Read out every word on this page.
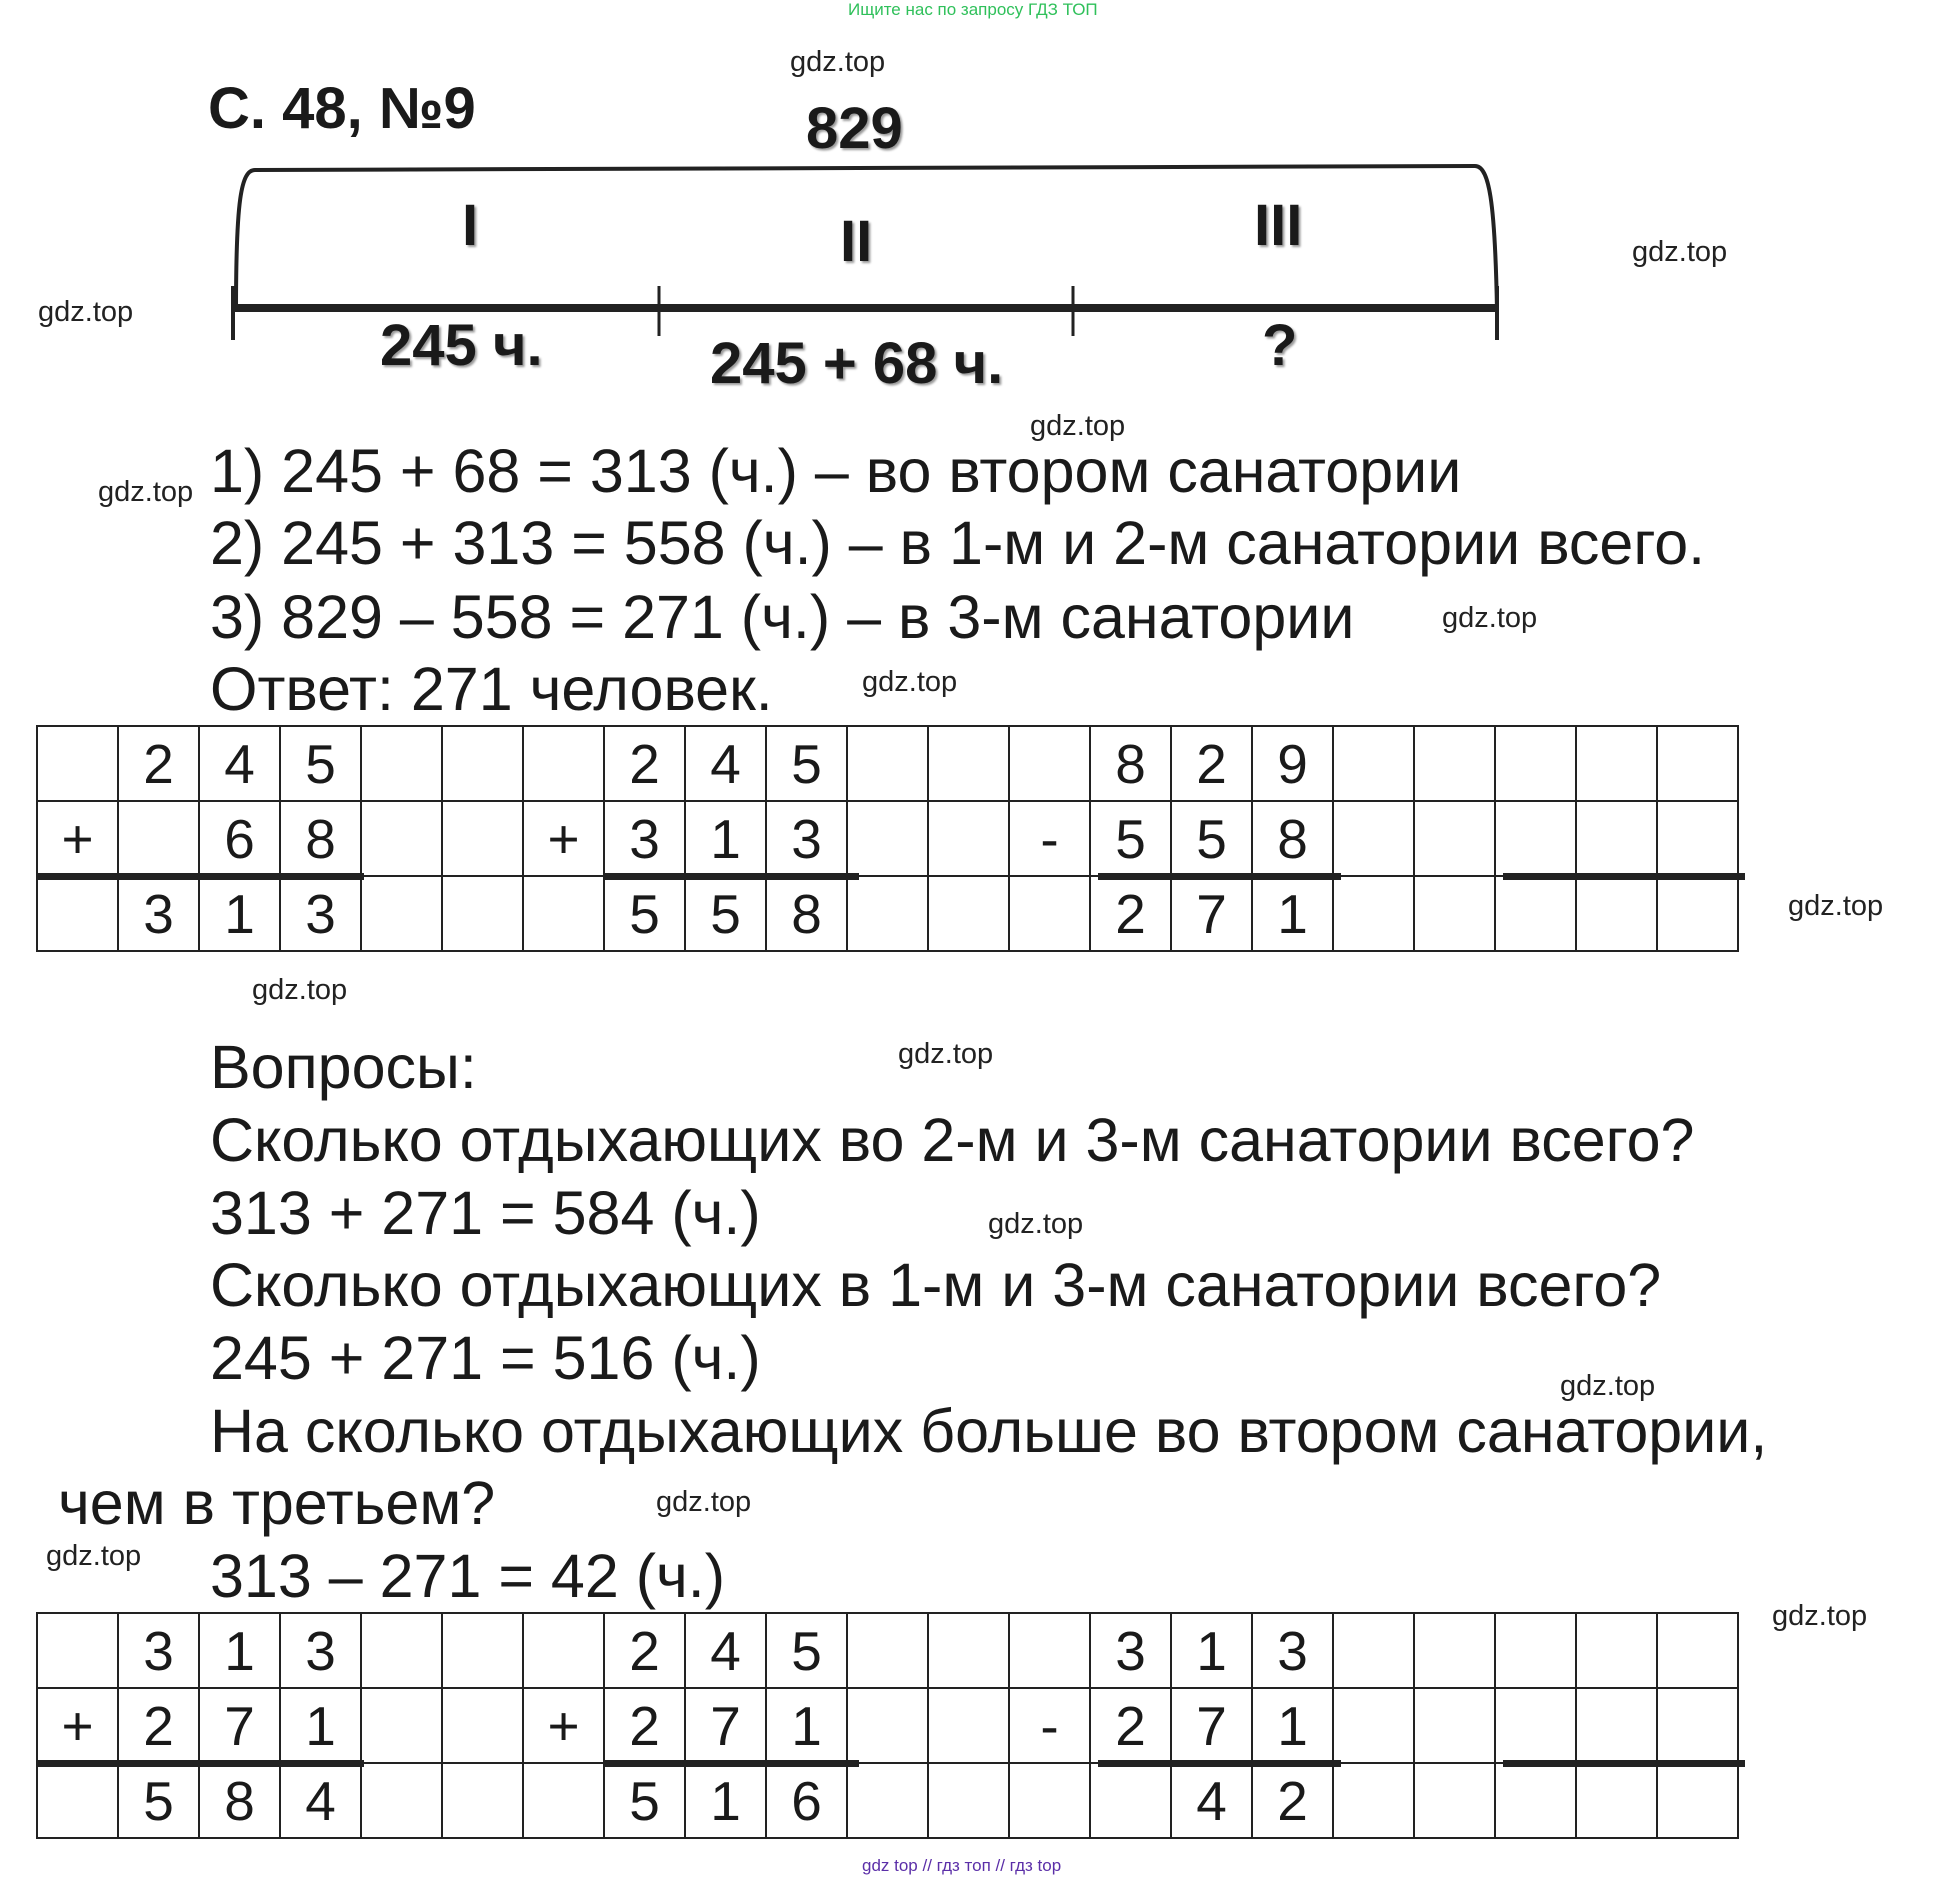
Ищите нас по запросу ГДЗ ТОП
С. 48, №9	829
I	II	III
245 ч.	245 + 68 ч.	?
1) 245 + 68 = 313 (ч.) – во втором санатории
2) 245 + 313 = 558 (ч.) – в 1-м и 2-м санатории всего.
3) 829 – 558 = 271 (ч.) – в 3-м санатории
Ответ: 271 человек.
	2	4	5				2	4	5				8	2	9					
+		6	8			+	3	1	3			-	5	5	8					
	3	1	3				5	5	8				2	7	1					
Вопросы:
Сколько отдыхающих во 2-м и 3-м санатории всего?
313 + 271 = 584 (ч.)
Сколько отдыхающих в 1-м и 3-м санатории всего?
245 + 271 = 516 (ч.)
На сколько отдыхающих больше во втором санатории,
чем в третьем?
313 – 271 = 42 (ч.)
	3	1	3				2	4	5				3	1	3					
+	2	7	1			+	2	7	1			-	2	7	1					
	5	8	4				5	1	6					4	2					
gdz.top
gdz.top
gdz.top
gdz.top
gdz.top
gdz.top
gdz.top
gdz.top
gdz.top
gdz.top
gdz.top
gdz.top
gdz.top
gdz.top
gdz.top
gdz top // гдз топ // гдз top
